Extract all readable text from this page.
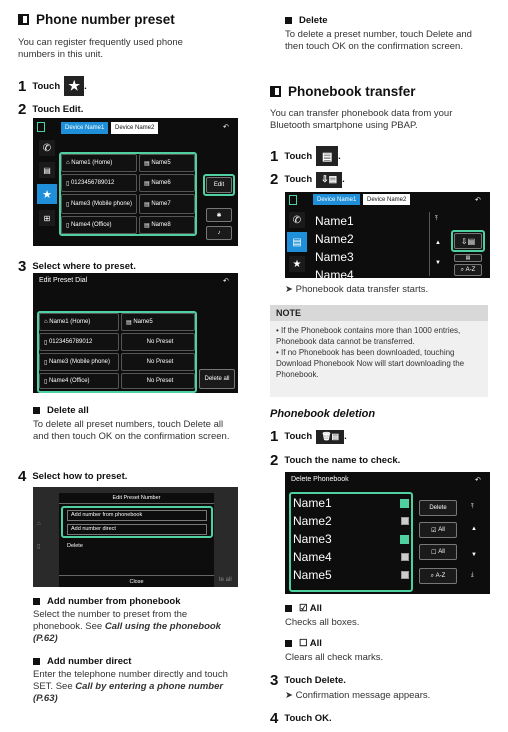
Phone number preset
You can register frequently used phone numbers in this unit.
1 Touch ★ .
2 Touch Edit.
Device Name1	Device Name2	↶
✆
▤
★
⊞
⌂ Name1 (Home)	▤ Name5
▯ 0123456789012	▤ Name6
▯ Name3 (Mobile phone)	▤ Name7
▯ Name4 (Office)	▤ Name8
Edit
✱
♪
3 Select where to preset.
Edit Preset Dial	↶
⌂ Name1 (Home)	▤ Name5
▯ 0123456789012	No Preset
▯ Name3 (Mobile phone)	No Preset
▯ Name4 (Office)	No Preset	Delete all
Delete all
To delete all preset numbers, touch Delete all and then touch OK on the confirmation screen.
4 Select how to preset.
⌂
▯
te all
Edit Preset Number
Add number from phonebook
Add number direct
Delete
Close
Add number from phonebook
Select the number to preset from the phonebook. See Call using the phonebook (P.62)
Add number direct
Enter the telephone number directly and touch SET. See Call by entering a phone number (P.63)
Delete
To delete a preset number, touch Delete and then touch OK on the confirmation screen.
Phonebook transfer
You can transfer phonebook data from your Bluetooth smartphone using PBAP.
1 Touch ▤ .
2 Touch ⇩▤ .
Device Name1	Device Name2	↶
✆
▤
★
Name1
Name2
Name3
Name4
⤒
▲
▼
⇩▤
▤
⌕ A-Z
➤ Phonebook data transfer starts.
NOTE
• If the Phonebook contains more than 1000 entries, Phonebook data cannot be transferred.
• If no Phonebook has been downloaded, touching Download Phonebook Now will start downloading the Phonebook.
Phonebook deletion
1 Touch	🗑▤ .
2 Touch the name to check.
Delete Phonebook	↶
Name1
Name2
Name3
Name4
Name5
Delete
☑ All
☐ All
⌕ A-Z
⤒
▲
▼
⤓
☑ All
Checks all boxes.
☐ All
Clears all check marks.
3 Touch Delete.
➤ Confirmation message appears.
4 Touch OK.
